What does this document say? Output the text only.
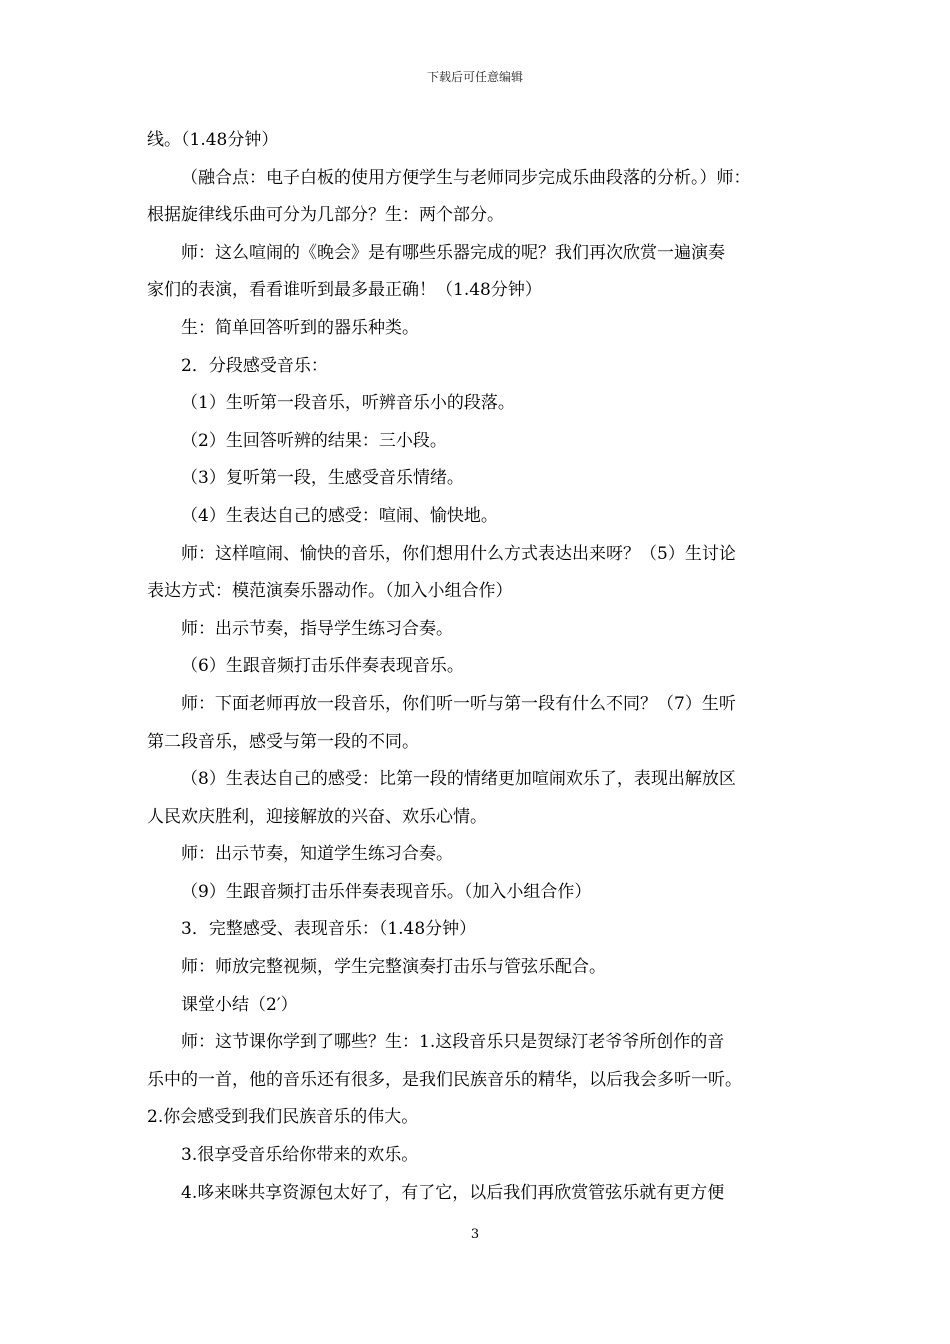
下载后可任意编辑
线。（1.48分钟）
（融合点：电子白板的使用方便学生与老师同步完成乐曲段落的分析。）师：
根据旋律线乐曲可分为几部分？生：两个部分。
师：这么喧闹的《晚会》是有哪些乐器完成的呢？我们再次欣赏一遍演奏
家们的表演，看看谁听到最多最正确！（1.48分钟）
生：简单回答听到的器乐种类。
2．分段感受音乐：
（1）生听第一段音乐，听辨音乐小的段落。
（2）生回答听辨的结果：三小段。
（3）复听第一段，生感受音乐情绪。
（4）生表达自己的感受：喧闹、愉快地。
师：这样喧闹、愉快的音乐，你们想用什么方式表达出来呀？（5）生讨论
表达方式：模范演奏乐器动作。（加入小组合作）
师：出示节奏，指导学生练习合奏。
（6）生跟音频打击乐伴奏表现音乐。
师：下面老师再放一段音乐，你们听一听与第一段有什么不同？（7）生听
第二段音乐，感受与第一段的不同。
（8）生表达自己的感受：比第一段的情绪更加喧闹欢乐了，表现出解放区
人民欢庆胜利，迎接解放的兴奋、欢乐心情。
师：出示节奏，知道学生练习合奏。
（9）生跟音频打击乐伴奏表现音乐。（加入小组合作）
3．完整感受、表现音乐：（1.48分钟）
师：师放完整视频，学生完整演奏打击乐与管弦乐配合。
课堂小结（2′）
师：这节课你学到了哪些？生：1.这段音乐只是贺绿汀老爷爷所创作的音
乐中的一首，他的音乐还有很多，是我们民族音乐的精华，以后我会多听一听。
2.你会感受到我们民族音乐的伟大。
3.很享受音乐给你带来的欢乐。
4.哆来咪共享资源包太好了，有了它，以后我们再欣赏管弦乐就有更方便
3
